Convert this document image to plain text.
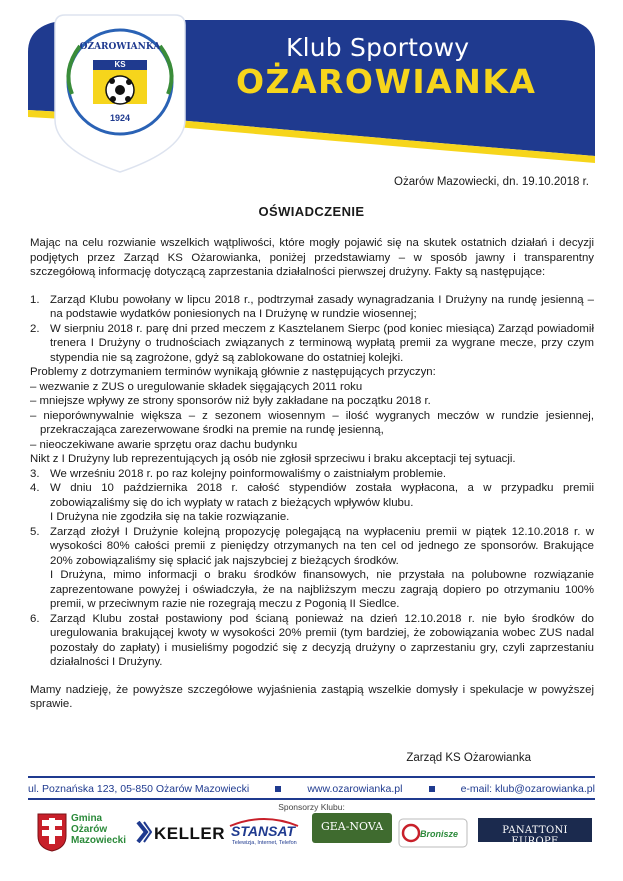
OŻAROWIANKA
KS
1924
Klub Sportowy
OŻAROWIANKA
Ożarów Mazowiecki, dn. 19.10.2018 r.
OŚWIADCZENIE

Mając na celu rozwianie wszelkich wątpliwości, które mogły pojawić się na skutek ostatnich działań i decyzji podjętych przez Zarząd KS Ożarowianka, poniżej przedstawiamy – w sposób jawny i transparentny szczegółową informację dotyczącą zaprzestania działalności pierwszej drużyny. Fakty są następujące:

1. Zarząd Klubu powołany w lipcu 2018 r., podtrzymał zasady wynagradzania I Drużyny na rundę jesienną – na podstawie wydatków poniesionych na I Drużynę w rundzie wiosennej;
2. W sierpniu 2018 r. parę dni przed meczem z Kasztelanem Sierpc (pod koniec miesiąca) Zarząd powiadomił trenera I Drużyny o trudnościach związanych z terminową wypłatą premii za wygrane mecze, przy czym stypendia nie są zagrożone, gdyż są zablokowane do ostatniej kolejki.

Problemy z dotrzymaniem terminów wynikają głównie z następujących przyczyn:

– wezwanie z ZUS o uregulowanie składek sięgających 2011 roku

– mniejsze wpływy ze strony sponsorów niż były zakładane na początku 2018 r.

– nieporównywalnie większa – z sezonem wiosennym – ilość wygranych meczów w rundzie jesiennej, przekraczająca zarezerwowane środki na premie na rundę jesienną,

– nieoczekiwane awarie sprzętu oraz dachu budynku

Nikt z I Drużyny lub reprezentujących ją osób nie zgłosił sprzeciwu i braku akceptacji tej sytuacji.

3. We wrześniu 2018 r. po raz kolejny poinformowaliśmy o zaistniałym problemie.
4. W dniu 10 października 2018 r. całość stypendiów została wypłacona, a w przypadku premii zobowiązaliśmy się do ich wypłaty w ratach z bieżących wpływów klubu.
I Drużyna nie zgodziła się na takie rozwiązanie.
5. Zarząd złożył I Drużynie kolejną propozycję polegającą na wypłaceniu premii w piątek 12.10.2018 r. w wysokości 80% całości premii z pieniędzy otrzymanych na ten cel od jednego ze sponsorów. Brakujące 20% zobowiązaliśmy się spłacić jak najszybciej z bieżących środków.
I Drużyna, mimo informacji o braku środków finansowych, nie przystała na polubowne rozwiązanie zaprezentowane powyżej i oświadczyła, że na najbliższym meczu zagrają dopiero po otrzymaniu 100% premii, w przeciwnym razie nie rozegrają meczu z Pogonią II Siedlce.
6. Zarząd Klubu został postawiony pod ścianą ponieważ na dzień 12.10.2018 r. nie było środków do uregulowania brakującej kwoty w wysokości 20% premii (tym bardziej, że zobowiązania wobec ZUS nadal pozostały do zapłaty) i musieliśmy pogodzić się z decyzją drużyny o zaprzestaniu gry, czyli zaprzestaniu działalności I Drużyny.

Mamy nadzieję, że powyższe szczegółowe wyjaśnienia zastąpią wszelkie domysły i spekulacje w powyższej sprawie.

Zarząd KS Ożarowianka
ul. Poznańska 123, 05-850 Ożarów Mazowiecki	www.ozarowianka.pl	e-mail: klub@ozarowianka.pl
Sponsorzy Klubu:
Gmina
Ożarów
Mazowiecki KELLER STANSAT
Telewizja, Internet, Telefon
GEA-NOVA
Bronisze	PANATTONI EUROPE
